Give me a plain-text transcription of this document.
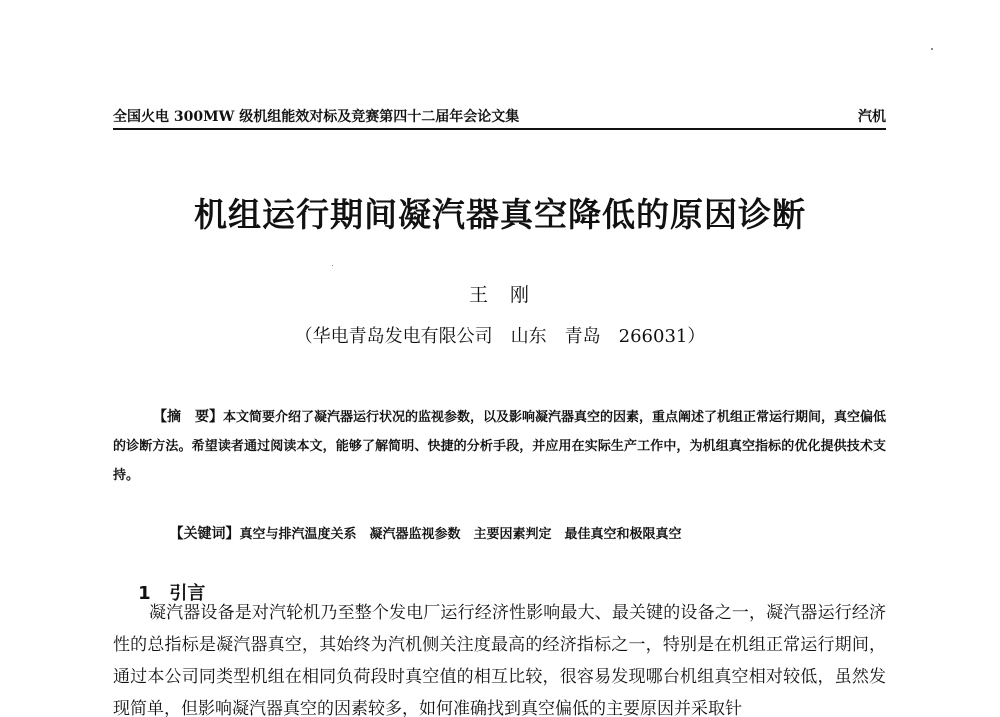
全国火电 300MW 级机组能效对标及竞赛第四十二届年会论文集	汽机
机组运行期间凝汽器真空降低的原因诊断
王 刚
（华电青岛发电有限公司　山东　青岛　266031）
【摘　要】本文简要介绍了凝汽器运行状况的监视参数，以及影响凝汽器真空的因素，重点阐述了机组正常运行期间，真空偏低的诊断方法。希望读者通过阅读本文，能够了解简明、快捷的分析手段，并应用在实际生产工作中，为机组真空指标的优化提供技术支持。

【关键词】真空与排汽温度关系　凝汽器监视参数　主要因素判定　最佳真空和极限真空

1 引言

凝汽器设备是对汽轮机乃至整个发电厂运行经济性影响最大、最关键的设备之一，凝汽器运行经济性的总指标是凝汽器真空，其始终为汽机侧关注度最高的经济指标之一，特别是在机组正常运行期间，通过本公司同类型机组在相同负荷段时真空值的相互比较，很容易发现哪台机组真空相对较低，虽然发现简单，但影响凝汽器真空的因素较多，如何准确找到真空偏低的主要原因并采取针
